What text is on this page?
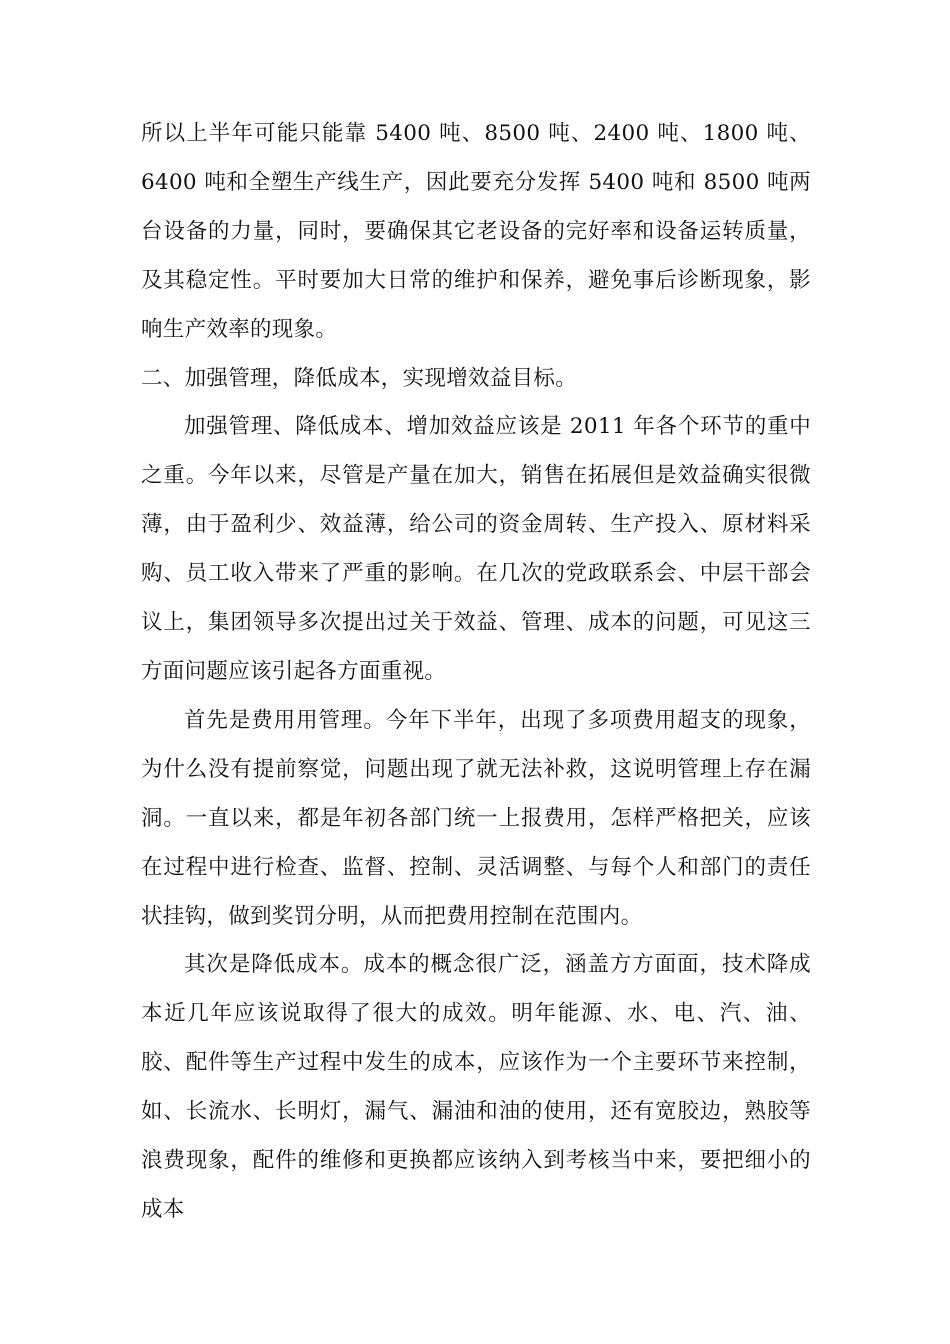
所以上半年可能只能靠 5400 吨、8500 吨、2400 吨、1800 吨、6400 吨和全塑生产线生产，因此要充分发挥 5400 吨和 8500 吨两台设备的力量，同时，要确保其它老设备的完好率和设备运转质量，及其稳定性。平时要加大日常的维护和保养，避免事后诊断现象，影响生产效率的现象。

二、加强管理，降低成本，实现增效益目标。

加强管理、降低成本、增加效益应该是 2011 年各个环节的重中之重。今年以来，尽管是产量在加大，销售在拓展但是效益确实很微薄，由于盈利少、效益薄，给公司的资金周转、生产投入、原材料采购、员工收入带来了严重的影响。在几次的党政联系会、中层干部会议上，集团领导多次提出过关于效益、管理、成本的问题，可见这三方面问题应该引起各方面重视。

首先是费用用管理。今年下半年，出现了多项费用超支的现象，为什么没有提前察觉，问题出现了就无法补救，这说明管理上存在漏洞。一直以来，都是年初各部门统一上报费用，怎样严格把关，应该在过程中进行检查、监督、控制、灵活调整、与每个人和部门的责任状挂钩，做到奖罚分明，从而把费用控制在范围内。

其次是降低成本。成本的概念很广泛，涵盖方方面面，技术降成本近几年应该说取得了很大的成效。明年能源、水、电、汽、油、胶、配件等生产过程中发生的成本，应该作为一个主要环节来控制，如、长流水、长明灯，漏气、漏油和油的使用，还有宽胶边，熟胶等浪费现象，配件的维修和更换都应该纳入到考核当中来，要把细小的成本
